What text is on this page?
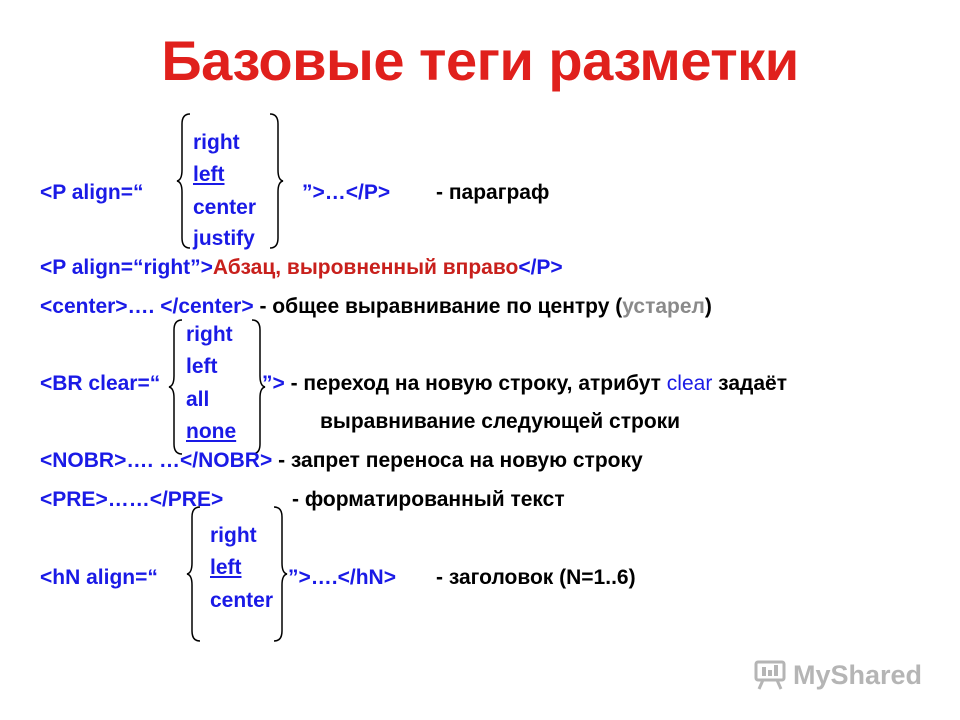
Базовые теги разметки
right
left
center
justify
<P align=“	”>…</P> - параграф
<P align=“right”>Абзац, выровненный вправо</P>
<center>…. </center> - общее выравнивание по центру (устарел)
right
left
all
none
<BR clear=“	”> - переход на новую строку, атрибут clear задаёт
выравнивание следующей строки
<NOBR>…. …</NOBR> - запрет переноса на новую строку
<PRE>……</PRE>	- форматированный текст
right
left
center
<hN align=“	”>….</hN> - заголовок (N=1..6)
MyShared
